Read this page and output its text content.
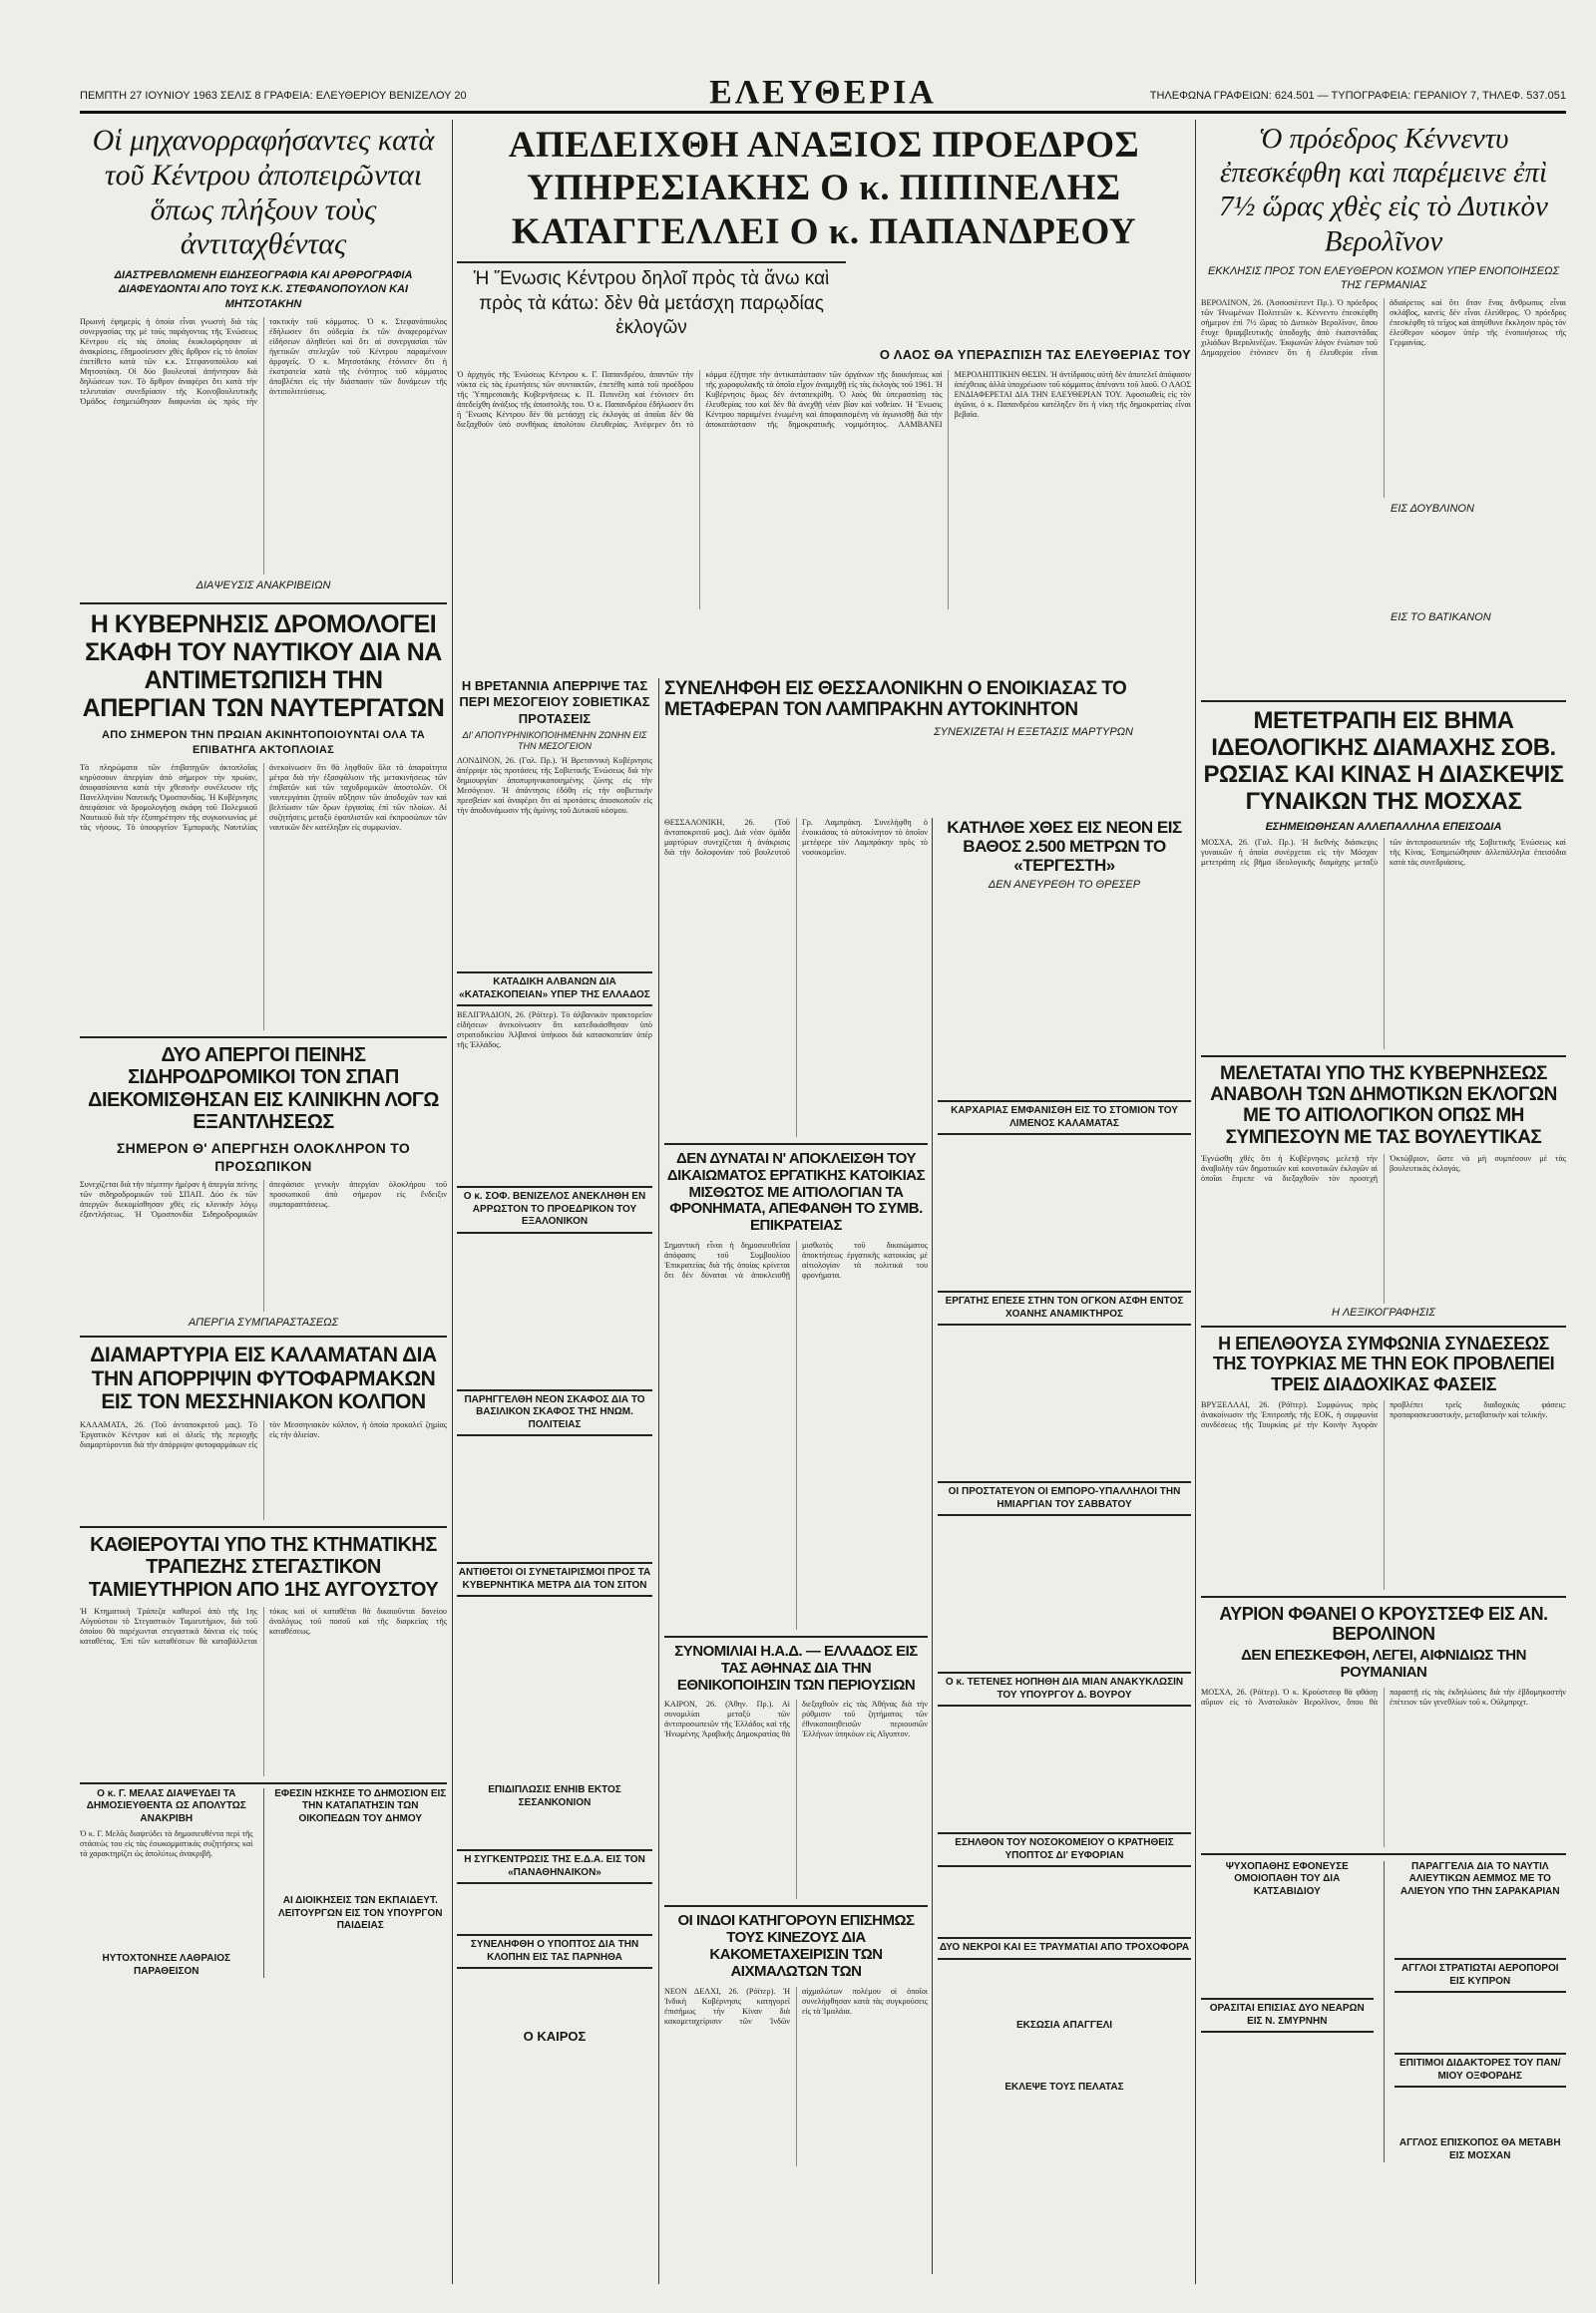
ΠΕΜΠΤΗ 27 ΙΟΥΝΙΟΥ 1963 ΣΕΛΙΣ 8 ΓΡΑΦΕΙΑ: ΕΛΕΥΘΕΡΙΟΥ ΒΕΝΙΖΕΛΟΥ 20	ΕΛΕΥΘΕΡΙΑ	ΤΗΛΕΦΩΝΑ ΓΡΑΦΕΙΩΝ: 624.501 — ΤΥΠΟΓΡΑΦΕΙΑ: ΓΕΡΑΝΙΟΥ 7, ΤΗΛΕΦ. 537.051
Οἱ μηχανορραφήσαντες κατὰ τοῦ Κέντρου ἀποπειρῶνται ὅπως πλήξουν τοὺς ἀντιταχθέντας
ΔΙΑΣΤΡΕΒΛΩΜΕΝΗ ΕΙΔΗΣΕΟΓΡΑΦΙΑ ΚΑΙ ΑΡΘΡΟΓΡΑΦΙΑ ΔΙΑΦΕΥΔΟΝΤΑΙ ΑΠΟ ΤΟΥΣ Κ.Κ. ΣΤΕΦΑΝΟΠΟΥΛΟΝ ΚΑΙ ΜΗΤΣΟΤΑΚΗΝ
Πρωινὴ ἐφημερὶς ἡ ὁποία εἶναι γνωστὴ διὰ τὰς συνεργασίας της μὲ τοὺς παράγοντας τῆς Ἑνώσεως Κέντρου εἰς τὰς ὁποίας ἐκυκλοφόρησαν αἱ ἀνακρίσεις, ἐδημοσίευσεν χθὲς ἄρθρον εἰς τὸ ὁποῖον ἐπετίθετο κατὰ τῶν κ.κ. Στεφανοπούλου καὶ Μητσοτάκη. Οἱ δύο βουλευταὶ ἀπήντησαν διὰ δηλώσεων των. Τὸ ἄρθρον ἀναφέρει ὅτι κατὰ τὴν τελευταίαν συνεδρίασιν τῆς Κοινοβουλευτικῆς Ὁμάδος ἐσημειώθησαν διαφωνίαι ὡς πρὸς τὴν τακτικὴν τοῦ κόμματος. Ὁ κ. Στεφανόπουλος ἐδήλωσεν ὅτι οὐδεμία ἐκ τῶν ἀναφερομένων εἰδήσεων ἀληθεύει καὶ ὅτι αἱ συνεργασίαι τῶν ἡγετικῶν στελεχῶν τοῦ Κέντρου παραμένουν ἀρραγεῖς. Ὁ κ. Μητσοτάκης ἐτόνισεν ὅτι ἡ ἐκστρατεία κατὰ τῆς ἑνότητος τοῦ κόμματος ἀποβλέπει εἰς τὴν διάσπασιν τῶν δυνάμεων τῆς ἀντιπολιτεύσεως.
ΔΙΑΨΕΥΣΙΣ ΑΝΑΚΡΙΒΕΙΩΝ
Η ΚΥΒΕΡΝΗΣΙΣ ΔΡΟΜΟΛΟΓΕΙ ΣΚΑΦΗ ΤΟΥ ΝΑΥΤΙΚΟΥ ΔΙΑ ΝΑ ΑΝΤΙΜΕΤΩΠΙΣΗ ΤΗΝ ΑΠΕΡΓΙΑΝ ΤΩΝ ΝΑΥΤΕΡΓΑΤΩΝ
ΑΠΟ ΣΗΜΕΡΟΝ ΤΗΝ ΠΡΩΙΑΝ ΑΚΙΝΗΤΟΠΟΙΟΥΝΤΑΙ ΟΛΑ ΤΑ ΕΠΙΒΑΤΗΓΑ ΑΚΤΟΠΛΟΙΑΣ
Τὰ πληρώματα τῶν ἐπιβατηγῶν ἀκτοπλοΐας κηρύσσουν ἀπεργίαν ἀπὸ σήμερον τὴν πρωίαν, ἀποφασίσαντα κατὰ τὴν χθεσινὴν συνέλευσιν τῆς Πανελληνίου Ναυτικῆς Ὁμοσπονδίας. Ἡ Κυβέρνησις ἀπεφάσισε νὰ δρομολογήσῃ σκάφη τοῦ Πολεμικοῦ Ναυτικοῦ διὰ τὴν ἐξυπηρέτησιν τῆς συγκοινωνίας μὲ τὰς νήσους. Τὸ ὑπουργεῖον Ἐμπορικῆς Ναυτιλίας ἀνεκοίνωσεν ὅτι θὰ ληφθοῦν ὅλα τὰ ἀπαραίτητα μέτρα διὰ τὴν ἐξασφάλισιν τῆς μετακινήσεως τῶν ἐπιβατῶν καὶ τῶν ταχυδρομικῶν ἀποστολῶν. Οἱ ναυτεργάται ζητοῦν αὔξησιν τῶν ἀποδοχῶν των καὶ βελτίωσιν τῶν ὅρων ἐργασίας ἐπὶ τῶν πλοίων. Αἱ συζητήσεις μεταξὺ ἐφοπλιστῶν καὶ ἐκπροσώπων τῶν ναυτικῶν δὲν κατέληξαν εἰς συμφωνίαν.
ΔΥΟ ΑΠΕΡΓΟΙ ΠΕΙΝΗΣ ΣΙΔΗΡΟΔΡΟΜΙΚΟΙ ΤΟΝ ΣΠΑΠ ΔΙΕΚΟΜΙΣΘΗΣΑΝ ΕΙΣ ΚΛΙΝΙΚΗΝ ΛΟΓΩ ΕΞΑΝΤΛΗΣΕΩΣ
ΣΗΜΕΡΟΝ Θ' ΑΠΕΡΓΗΣΗ ΟΛΟΚΛΗΡΟΝ ΤΟ ΠΡΟΣΩΠΙΚΟΝ
Συνεχίζεται διὰ τὴν πέμπτην ἡμέραν ἡ ἀπεργία πείνης τῶν σιδηροδρομικῶν τοῦ ΣΠΑΠ. Δύο ἐκ τῶν ἀπεργῶν διεκομίσθησαν χθὲς εἰς κλινικὴν λόγῳ ἐξαντλήσεως. Ἡ Ὁμοσπονδία Σιδηροδρομικῶν ἀπεφάσισε γενικὴν ἀπεργίαν ὁλοκλήρου τοῦ προσωπικοῦ ἀπὸ σήμερον εἰς ἔνδειξιν συμπαραστάσεως.
ΑΠΕΡΓΙΑ ΣΥΜΠΑΡΑΣΤΑΣΕΩΣ
ΔΙΑΜΑΡΤΥΡΙΑ ΕΙΣ ΚΑΛΑΜΑΤΑΝ ΔΙΑ ΤΗΝ ΑΠΟΡΡΙΨΙΝ ΦΥΤΟΦΑΡΜΑΚΩΝ ΕΙΣ ΤΟΝ ΜΕΣΣΗΝΙΑΚΟΝ ΚΟΛΠΟΝ
ΚΑΛΑΜΑΤΑ, 26. (Τοῦ ἀνταποκριτοῦ μας). Τὸ Ἐργατικὸν Κέντρον καὶ οἱ ἁλιεῖς τῆς περιοχῆς διαμαρτύρονται διὰ τὴν ἀπόρριψιν φυτοφαρμάκων εἰς τὸν Μεσσηνιακὸν κόλπον, ἡ ὁποία προκαλεῖ ζημίας εἰς τὴν ἁλιείαν.
ΚΑΘΙΕΡΟΥΤΑΙ ΥΠΟ ΤΗΣ ΚΤΗΜΑΤΙΚΗΣ ΤΡΑΠΕΖΗΣ ΣΤΕΓΑΣΤΙΚΟΝ ΤΑΜΙΕΥΤΗΡΙΟΝ ΑΠΟ 1ΗΣ ΑΥΓΟΥΣΤΟΥ
Ἡ Κτηματικὴ Τράπεζα καθιεροῖ ἀπὸ τῆς 1ης Αὐγούστου τὸ Στεγαστικὸν Ταμιευτήριον, διὰ τοῦ ὁποίου θὰ παρέχωνται στεγαστικὰ δάνεια εἰς τοὺς καταθέτας. Ἐπὶ τῶν καταθέσεων θὰ καταβάλλεται τόκος καὶ οἱ καταθέται θὰ δικαιοῦνται δανείου ἀναλόγως τοῦ ποσοῦ καὶ τῆς διαρκείας τῆς καταθέσεως.
Ο κ. Γ. ΜΕΛΑΣ ΔΙΑΨΕΥΔΕΙ ΤΑ ΔΗΜΟΣΙΕΥΘΕΝΤΑ ΩΣ ΑΠΟΛΥΤΩΣ ΑΝΑΚΡΙΒΗ
Ὁ κ. Γ. Μελᾶς διαψεύδει τὰ δημοσιευθέντα περὶ τῆς στάσεώς του εἰς τὰς ἐσωκομματικὰς συζητήσεις καὶ τὰ χαρακτηρίζει ὡς ἀπολύτως ἀνακριβῆ.
ΗΥΤΟΧΤΟΝΗΣΕ ΛΑΘΡΑΙΟΣ ΠΑΡΑΘΕΙΣΟΝ
ΕΦΕΣΙΝ ΗΣΚΗΣΕ ΤΟ ΔΗΜΟΣΙΟΝ ΕΙΣ ΤΗΝ ΚΑΤΑΠΑΤΗΣΙΝ ΤΩΝ ΟΙΚΟΠΕΔΩΝ ΤΟΥ ΔΗΜΟΥ
ΑΙ ΔΙΟΙΚΗΣΕΙΣ ΤΩΝ ΕΚΠΑΙΔΕΥΤ. ΛΕΙΤΟΥΡΓΩΝ ΕΙΣ ΤΟΝ ΥΠΟΥΡΓΟΝ ΠΑΙΔΕΙΑΣ
ΑΠΕΔΕΙΧΘΗ ΑΝΑΞΙΟΣ ΠΡΟΕΔΡΟΣ ΥΠΗΡΕΣΙΑΚΗΣ Ο κ. ΠΙΠΙΝΕΛΗΣ ΚΑΤΑΓΓΕΛΛΕΙ Ο κ. ΠΑΠΑΝΔΡΕΟΥ
Ἡ Ἕνωσις Κέντρου δηλοῖ πρὸς τὰ ἄνω καὶ πρὸς τὰ κάτω: δὲν θὰ μετάσχη παρῳδίας ἐκλογῶν
Ο ΛΑΟΣ ΘΑ ΥΠΕΡΑΣΠΙΣΗ ΤΑΣ ΕΛΕΥΘΕΡΙΑΣ ΤΟΥ
Ὁ ἀρχηγὸς τῆς Ἑνώσεως Κέντρου κ. Γ. Παπανδρέου, ἀπαντῶν τὴν νύκτα εἰς τὰς ἐρωτήσεις τῶν συντακτῶν, ἐπετέθη κατὰ τοῦ προέδρου τῆς Ὑπηρεσιακῆς Κυβερνήσεως κ. Π. Πιπινέλη καὶ ἐτόνισεν ὅτι ἀπεδείχθη ἀνάξιος τῆς ἀποστολῆς του. Ὁ κ. Παπανδρέου ἐδήλωσεν ὅτι ἡ Ἕνωσις Κέντρου δὲν θὰ μετάσχῃ εἰς ἐκλογὰς αἱ ὁποῖαι δὲν θὰ διεξαχθοῦν ὑπὸ συνθήκας ἀπολύτου ἐλευθερίας. Ἀνέφερεν ὅτι τὸ κόμμα ἐζήτησε τὴν ἀντικατάστασιν τῶν ὀργάνων τῆς διοικήσεως καὶ τῆς χωροφυλακῆς τὰ ὁποῖα εἶχον ἀναμιχθῇ εἰς τὰς ἐκλογὰς τοῦ 1961. Ἡ Κυβέρνησις ὅμως δὲν ἀνταπεκρίθη. Ὁ λαὸς θὰ ὑπερασπίσῃ τὰς ἐλευθερίας του καὶ δὲν θὰ ἀνεχθῇ νέαν βίαν καὶ νοθείαν. Ἡ Ἕνωσις Κέντρου παραμένει ἑνωμένη καὶ ἀποφασισμένη νὰ ἀγωνισθῇ διὰ τὴν ἀποκατάστασιν τῆς δημοκρατικῆς νομιμότητος. ΛΑΜΒΑΝΕΙ ΜΕΡΟΛΗΠΤΙΚΗΝ ΘΕΣΙΝ. Ἡ ἀντίδρασις αὐτὴ δὲν ἀποτελεῖ ἀπόφασιν ἀπέχθειας ἀλλὰ ὑποχρέωσιν τοῦ κόμματος ἀπέναντι τοῦ λαοῦ. Ο ΛΑΟΣ ΕΝΔΙΑΦΕΡΕΤΑΙ ΔΙΑ ΤΗΝ ΕΛΕΥΘΕΡΙΑΝ ΤΟΥ. Ἀφοσιωθεὶς εἰς τὸν ἀγῶνα, ὁ κ. Παπανδρέου κατέληξεν ὅτι ἡ νίκη τῆς δημοκρατίας εἶναι βεβαία.
Η ΒΡΕΤΑΝΝΙΑ ΑΠΕΡΡΙΨΕ ΤΑΣ ΠΕΡΙ ΜΕΣΟΓΕΙΟΥ ΣΟΒΙΕΤΙΚΑΣ ΠΡΟΤΑΣΕΙΣ
ΔΙ' ΑΠΟΠΥΡΗΝΙΚΟΠΟΙΗΜΕΝΗΝ ΖΩΝΗΝ ΕΙΣ ΤΗΝ ΜΕΣΟΓΕΙΟΝ
ΛΟΝΔΙΝΟΝ, 26. (Γαλ. Πρ.). Ἡ Βρεταννικὴ Κυβέρνησις ἀπέρριψε τὰς προτάσεις τῆς Σοβιετικῆς Ἑνώσεως διὰ τὴν δημιουργίαν ἀποπυρηνικοποιημένης ζώνης εἰς τὴν Μεσόγειον. Ἡ ἀπάντησις ἐδόθη εἰς τὴν σοβιετικὴν πρεσβείαν καὶ ἀναφέρει ὅτι αἱ προτάσεις ἀποσκοποῦν εἰς τὴν ἀποδυνάμωσιν τῆς ἀμύνης τοῦ Δυτικοῦ κόσμου.
ΚΑΤΑΔΙΚΗ ΑΛΒΑΝΩΝ ΔΙΑ «ΚΑΤΑΣΚΟΠΕΙΑΝ» ΥΠΕΡ ΤΗΣ ΕΛΛΑΔΟΣ
ΒΕΛΙΓΡΑΔΙΟΝ, 26. (Ρόϊτερ). Τὸ ἀλβανικὸν πρακτορεῖον εἰδήσεων ἀνεκοίνωσεν ὅτι κατεδικάσθησαν ὑπὸ στρατοδικείου Ἀλβανοὶ ὑπήκοοι διὰ κατασκοπείαν ὑπὲρ τῆς Ἑλλάδος.
Ο κ. ΣΟΦ. ΒΕΝΙΖΕΛΟΣ ΑΝΕΚΛΗΘΗ ΕΝ ΑΡΡΩΣΤΟΝ ΤΟ ΠΡΟΕΔΡΙΚΟΝ ΤΟΥ ΕΞΑΛΟΝΙΚΟΝ
ΠΑΡΗΓΓΕΛΘΗ ΝΕΟΝ ΣΚΑΦΟΣ ΔΙΑ ΤΟ ΒΑΣΙΛΙΚΟΝ ΣΚΑΦΟΣ ΤΗΣ ΗΝΩΜ. ΠΟΛΙΤΕΙΑΣ
ΑΝΤΙΘΕΤΟΙ ΟΙ ΣΥΝΕΤΑΙΡΙΣΜΟΙ ΠΡΟΣ ΤΑ ΚΥΒΕΡΝΗΤΙΚΑ ΜΕΤΡΑ ΔΙΑ ΤΟΝ ΣΙΤΟΝ
ΕΠΙΔΙΠΛΩΣΙΣ ΕΝΗΙΒ ΕΚΤΟΣ ΣΕΣΑΝΚΟΝΙΟΝ
Η ΣΥΓΚΕΝΤΡΩΣΙΣ ΤΗΣ Ε.Δ.Α. ΕΙΣ ΤΟΝ «ΠΑΝΑΘΗΝΑΙΚΟΝ»
ΣΥΝΕΛΗΦΘΗ Ο ΥΠΟΠΤΟΣ ΔΙΑ ΤΗΝ ΚΛΟΠΗΝ ΕΙΣ ΤΑΣ ΠΑΡΝΗΘΑ
Ο ΚΑΙΡΟΣ
ΣΥΝΕΛΗΦΘΗ ΕΙΣ ΘΕΣΣΑΛΟΝΙΚΗΝ Ο ΕΝΟΙΚΙΑΣΑΣ ΤΟ ΜΕΤΑΦΕΡΑΝ ΤΟΝ ΛΑΜΠΡΑΚΗΝ ΑΥΤΟΚΙΝΗΤΟΝ
ΣΥΝΕΧΙΖΕΤΑΙ Η ΕΞΕΤΑΣΙΣ ΜΑΡΤΥΡΩΝ
ΘΕΣΣΑΛΟΝΙΚΗ, 26. (Τοῦ ἀνταποκριτοῦ μας). Διὰ νέαν ὁμάδα μαρτύρων συνεχίζεται ἡ ἀνάκρισις διὰ τὴν δολοφονίαν τοῦ βουλευτοῦ Γρ. Λαμπράκη. Συνελήφθη ὁ ἐνοικιάσας τὸ αὐτοκίνητον τὸ ὁποῖον μετέφερε τὸν Λαμπράκην πρὸς τὸ νοσοκομεῖον.
ΔΕΝ ΔΥΝΑΤΑΙ Ν' ΑΠΟΚΛΕΙΣΘΗ ΤΟΥ ΔΙΚΑΙΩΜΑΤΟΣ ΕΡΓΑΤΙΚΗΣ ΚΑΤΟΙΚΙΑΣ ΜΙΣΘΩΤΟΣ ΜΕ ΑΙΤΙΟΛΟΓΙΑΝ ΤΑ ΦΡΟΝΗΜΑΤΑ, ΑΠΕΦΑΝΘΗ ΤΟ ΣΥΜΒ. ΕΠΙΚΡΑΤΕΙΑΣ
Σημαντικὴ εἶναι ἡ δημοσιευθεῖσα ἀπόφασις τοῦ Συμβουλίου Ἐπικρατείας διὰ τῆς ὁποίας κρίνεται ὅτι δὲν δύναται νὰ ἀποκλεισθῇ μισθωτὸς τοῦ δικαιώματος ἀποκτήσεως ἐργατικῆς κατοικίας μὲ αἰτιολογίαν τὰ πολιτικά του φρονήματα.
ΣΥΝΟΜΙΛΙΑΙ Η.Α.Δ. — ΕΛΛΑΔΟΣ ΕΙΣ ΤΑΣ ΑΘΗΝΑΣ ΔΙΑ ΤΗΝ ΕΘΝΙΚΟΠΟΙΗΣΙΝ ΤΩΝ ΠΕΡΙΟΥΣΙΩΝ
ΚΑΙΡΟΝ, 26. (Ἀθην. Πρ.). Αἱ συνομιλίαι μεταξὺ τῶν ἀντιπροσωπειῶν τῆς Ἑλλάδος καὶ τῆς Ἡνωμένης Ἀραβικῆς Δημοκρατίας θὰ διεξαχθοῦν εἰς τὰς Ἀθήνας διὰ τὴν ρύθμισιν τοῦ ζητήματος τῶν ἐθνικοποιηθεισῶν περιουσιῶν Ἑλλήνων ὑπηκόων εἰς Αἴγυπτον.
ΟΙ ΙΝΔΟΙ ΚΑΤΗΓΟΡΟΥΝ ΕΠΙΣΗΜΩΣ ΤΟΥΣ ΚΙΝΕΖΟΥΣ ΔΙΑ ΚΑΚΟΜΕΤΑΧΕΙΡΙΣΙΝ ΤΩΝ ΑΙΧΜΑΛΩΤΩΝ ΤΩΝ
ΝΕΟΝ ΔΕΛΧΙ, 26. (Ρόϊτερ). Ἡ Ἰνδικὴ Κυβέρνησις κατηγορεῖ ἐπισήμως τὴν Κίναν διὰ κακομεταχείρισιν τῶν Ἰνδῶν αἰχμαλώτων πολέμου οἱ ὁποῖοι συνελήφθησαν κατὰ τὰς συγκρούσεις εἰς τὰ Ἱμαλάια.
ΚΑΤΗΛΘΕ ΧΘΕΣ ΕΙΣ ΝΕΟΝ ΕΙΣ ΒΑΘΟΣ 2.500 ΜΕΤΡΩΝ ΤΟ «ΤΕΡΓΕΣΤΗ»
ΔΕΝ ΑΝΕΥΡΕΘΗ ΤΟ ΘΡΕΣΕΡ
ΚΑΡΧΑΡΙΑΣ ΕΜΦΑΝΙΣΘΗ ΕΙΣ ΤΟ ΣΤΟΜΙΟΝ ΤΟΥ ΛΙΜΕΝΟΣ ΚΑΛΑΜΑΤΑΣ
ΕΡΓΑΤΗΣ ΕΠΕΣΕ ΣΤΗΝ ΤΟΝ ΟΓΚΟΝ ΑΣΦΗ ΕΝΤΟΣ ΧΟΑΝΗΣ ΑΝΑΜΙΚΤΗΡΟΣ
ΟΙ ΠΡΟΣΤΑΤΕΥΟΝ ΟΙ ΕΜΠΟΡΟ-ΥΠΑΛΛΗΛΟΙ ΤΗΝ ΗΜΙΑΡΓΙΑΝ ΤΟΥ ΣΑΒΒΑΤΟΥ
Ο κ. ΤΕΤΕΝΕΣ ΗΟΠΗΘΗ ΔΙΑ ΜΙΑΝ ΑΝΑΚΥΚΛΩΣΙΝ ΤΟΥ ΥΠΟΥΡΓΟΥ Δ. ΒΟΥΡΟΥ
ΕΣΗΛΘΟΝ ΤΟΥ ΝΟΣΟΚΟΜΕΙΟΥ Ο ΚΡΑΤΗΘΕΙΣ ΥΠΟΠΤΟΣ ΔΙ' ΕΥΦΟΡΙΑΝ
ΔΥΟ ΝΕΚΡΟΙ ΚΑΙ ΕΞ ΤΡΑΥΜΑΤΙΑΙ ΑΠΟ ΤΡΟΧΟΦΟΡΑ
ΕΚΣΩΣΙΑ ΑΠΑΓΓΕΛΙ
ΕΚΛΕΨΕ ΤΟΥΣ ΠΕΛΑΤΑΣ
Ὁ πρόεδρος Κέννεντυ ἐπεσκέφθη καὶ παρέμεινε ἐπὶ 7½ ὥρας χθὲς εἰς τὸ Δυτικὸν Βερολῖνον
ΕΚΚΛΗΣΙΣ ΠΡΟΣ ΤΟΝ ΕΛΕΥΘΕΡΟΝ ΚΟΣΜΟΝ ΥΠΕΡ ΕΝΟΠΟΙΗΣΕΩΣ ΤΗΣ ΓΕΡΜΑΝΙΑΣ
ΒΕΡΟΛΙΝΟΝ, 26. (Ἀσσοσιέιτεντ Πρ.). Ὁ πρόεδρος τῶν Ἡνωμένων Πολιτειῶν κ. Κέννεντυ ἐπεσκέφθη σήμερον ἐπὶ 7½ ὥρας τὸ Δυτικὸν Βερολῖνον, ὅπου ἔτυχε θριαμβευτικῆς ὑποδοχῆς ἀπὸ ἑκατοντάδας χιλιάδων Βερολινέζων. Ἐκφωνῶν λόγον ἐνώπιον τοῦ Δημαρχείου ἐτόνισεν ὅτι ἡ ἐλευθερία εἶναι ἀδιαίρετος καὶ ὅτι ὅταν ἕνας ἄνθρωπος εἶναι σκλάβος, κανεὶς δὲν εἶναι ἐλεύθερος. Ὁ πρόεδρος ἐπεσκέφθη τὸ τεῖχος καὶ ἀπηύθυνε ἔκκλησιν πρὸς τὸν ἐλεύθερον κόσμον ὑπὲρ τῆς ἐνοποιήσεως τῆς Γερμανίας.
ΕΙΣ ΔΟΥΒΛΙΝΟΝ
ΕΙΣ ΤΟ ΒΑΤΙΚΑΝΟΝ
ΜΕΤΕΤΡΑΠΗ ΕΙΣ ΒΗΜΑ ΙΔΕΟΛΟΓΙΚΗΣ ΔΙΑΜΑΧΗΣ ΣΟΒ. ΡΩΣΙΑΣ ΚΑΙ ΚΙΝΑΣ Η ΔΙΑΣΚΕΨΙΣ ΓΥΝΑΙΚΩΝ ΤΗΣ ΜΟΣΧΑΣ
ΕΣΗΜΕΙΩΘΗΣΑΝ ΑΛΛΕΠΑΛΛΗΛΑ ΕΠΕΙΣΟΔΙΑ
ΜΟΣΧΑ, 26. (Γαλ. Πρ.). Ἡ διεθνὴς διάσκεψις γυναικῶν ἡ ὁποία συνέρχεται εἰς τὴν Μόσχαν μετετράπη εἰς βῆμα ἰδεολογικῆς διαμάχης μεταξὺ τῶν ἀντιπροσωπειῶν τῆς Σοβιετικῆς Ἑνώσεως καὶ τῆς Κίνας. Ἐσημειώθησαν ἀλλεπάλληλα ἐπεισόδια κατὰ τὰς συνεδριάσεις.
ΜΕΛΕΤΑΤΑΙ ΥΠΟ ΤΗΣ ΚΥΒΕΡΝΗΣΕΩΣ ΑΝΑΒΟΛΗ ΤΩΝ ΔΗΜΟΤΙΚΩΝ ΕΚΛΟΓΩΝ ΜΕ ΤΟ ΑΙΤΙΟΛΟΓΙΚΟΝ ΟΠΩΣ ΜΗ ΣΥΜΠΕΣΟΥΝ ΜΕ ΤΑΣ ΒΟΥΛΕΥΤΙΚΑΣ
Ἐγνώσθη χθὲς ὅτι ἡ Κυβέρνησις μελετᾷ τὴν ἀναβολὴν τῶν δημοτικῶν καὶ κοινοτικῶν ἐκλογῶν αἱ ὁποῖαι ἔπρεπε νὰ διεξαχθοῦν τὸν προσεχῆ Ὀκτώβριον, ὥστε νὰ μὴ συμπέσουν μὲ τὰς βουλευτικὰς ἐκλογάς.
Η ΛΕΞΙΚΟΓΡΑΦΗΣΙΣ
Η ΕΠΕΛΘΟΥΣΑ ΣΥΜΦΩΝΙΑ ΣΥΝΔΕΣΕΩΣ ΤΗΣ ΤΟΥΡΚΙΑΣ ΜΕ ΤΗΝ ΕΟΚ ΠΡΟΒΛΕΠΕΙ ΤΡΕΙΣ ΔΙΑΔΟΧΙΚΑΣ ΦΑΣΕΙΣ
ΒΡΥΞΕΛΛΑΙ, 26. (Ρόϊτερ). Συμφώνως πρὸς ἀνακοίνωσιν τῆς Ἐπιτροπῆς τῆς ΕΟΚ, ἡ συμφωνία συνδέσεως τῆς Τουρκίας μὲ τὴν Κοινὴν Ἀγορὰν προβλέπει τρεῖς διαδοχικὰς φάσεις: προπαρασκευαστικήν, μεταβατικὴν καὶ τελικήν.
ΑΥΡΙΟΝ ΦΘΑΝΕΙ Ο ΚΡΟΥΣΤΣΕΦ ΕΙΣ ΑΝ. ΒΕΡΟΛΙΝΟΝ
ΔΕΝ ΕΠΕΣΚΕΦΘΗ, ΛΕΓΕΙ, ΑΙΦΝΙΔΙΩΣ ΤΗΝ ΡΟΥΜΑΝΙΑΝ
ΜΟΣΧΑ, 26. (Ρόϊτερ). Ὁ κ. Κρούστσεφ θὰ φθάσῃ αὔριον εἰς τὸ Ἀνατολικὸν Βερολῖνον, ὅπου θὰ παραστῇ εἰς τὰς ἐκδηλώσεις διὰ τὴν ἑβδομηκοστὴν ἐπέτειον τῶν γενεθλίων τοῦ κ. Οὐλμπριχτ.
ΨΥΧΟΠΑΘΗΣ ΕΦΟΝΕΥΣΕ ΟΜΟΙΟΠΑΘΗ ΤΟΥ ΔΙΑ ΚΑΤΣΑΒΙΔΙΟΥ
ΟΡΑΣΙΤΑΙ ΕΠΙΣΙΑΣ ΔΥΟ ΝΕΑΡΩΝ ΕΙΣ Ν. ΣΜΥΡΝΗΝ
ΠΑΡΑΓΓΕΛΙΑ ΔΙΑ ΤΟ ΝΑΥΤΙΛ ΑΛΙΕΥΤΙΚΩΝ ΑΕΜΜΟΣ ΜΕ ΤΟ ΑΛΙΕΥΟΝ ΥΠΟ ΤΗΝ ΣΑΡΑΚΑΡΙΑΝ
ΑΓΓΛΟΙ ΣΤΡΑΤΙΩΤΑΙ ΑΕΡΟΠΟΡΟΙ ΕΙΣ ΚΥΠΡΟΝ
ΕΠΙΤΙΜΟΙ ΔΙΔΑΚΤΟΡΕΣ ΤΟΥ ΠΑΝ/ΜΙΟΥ ΟΞΦΟΡΔΗΣ
ΑΓΓΛΟΣ ΕΠΙΣΚΟΠΟΣ ΘΑ ΜΕΤΑΒΗ ΕΙΣ ΜΟΣΧΑΝ
